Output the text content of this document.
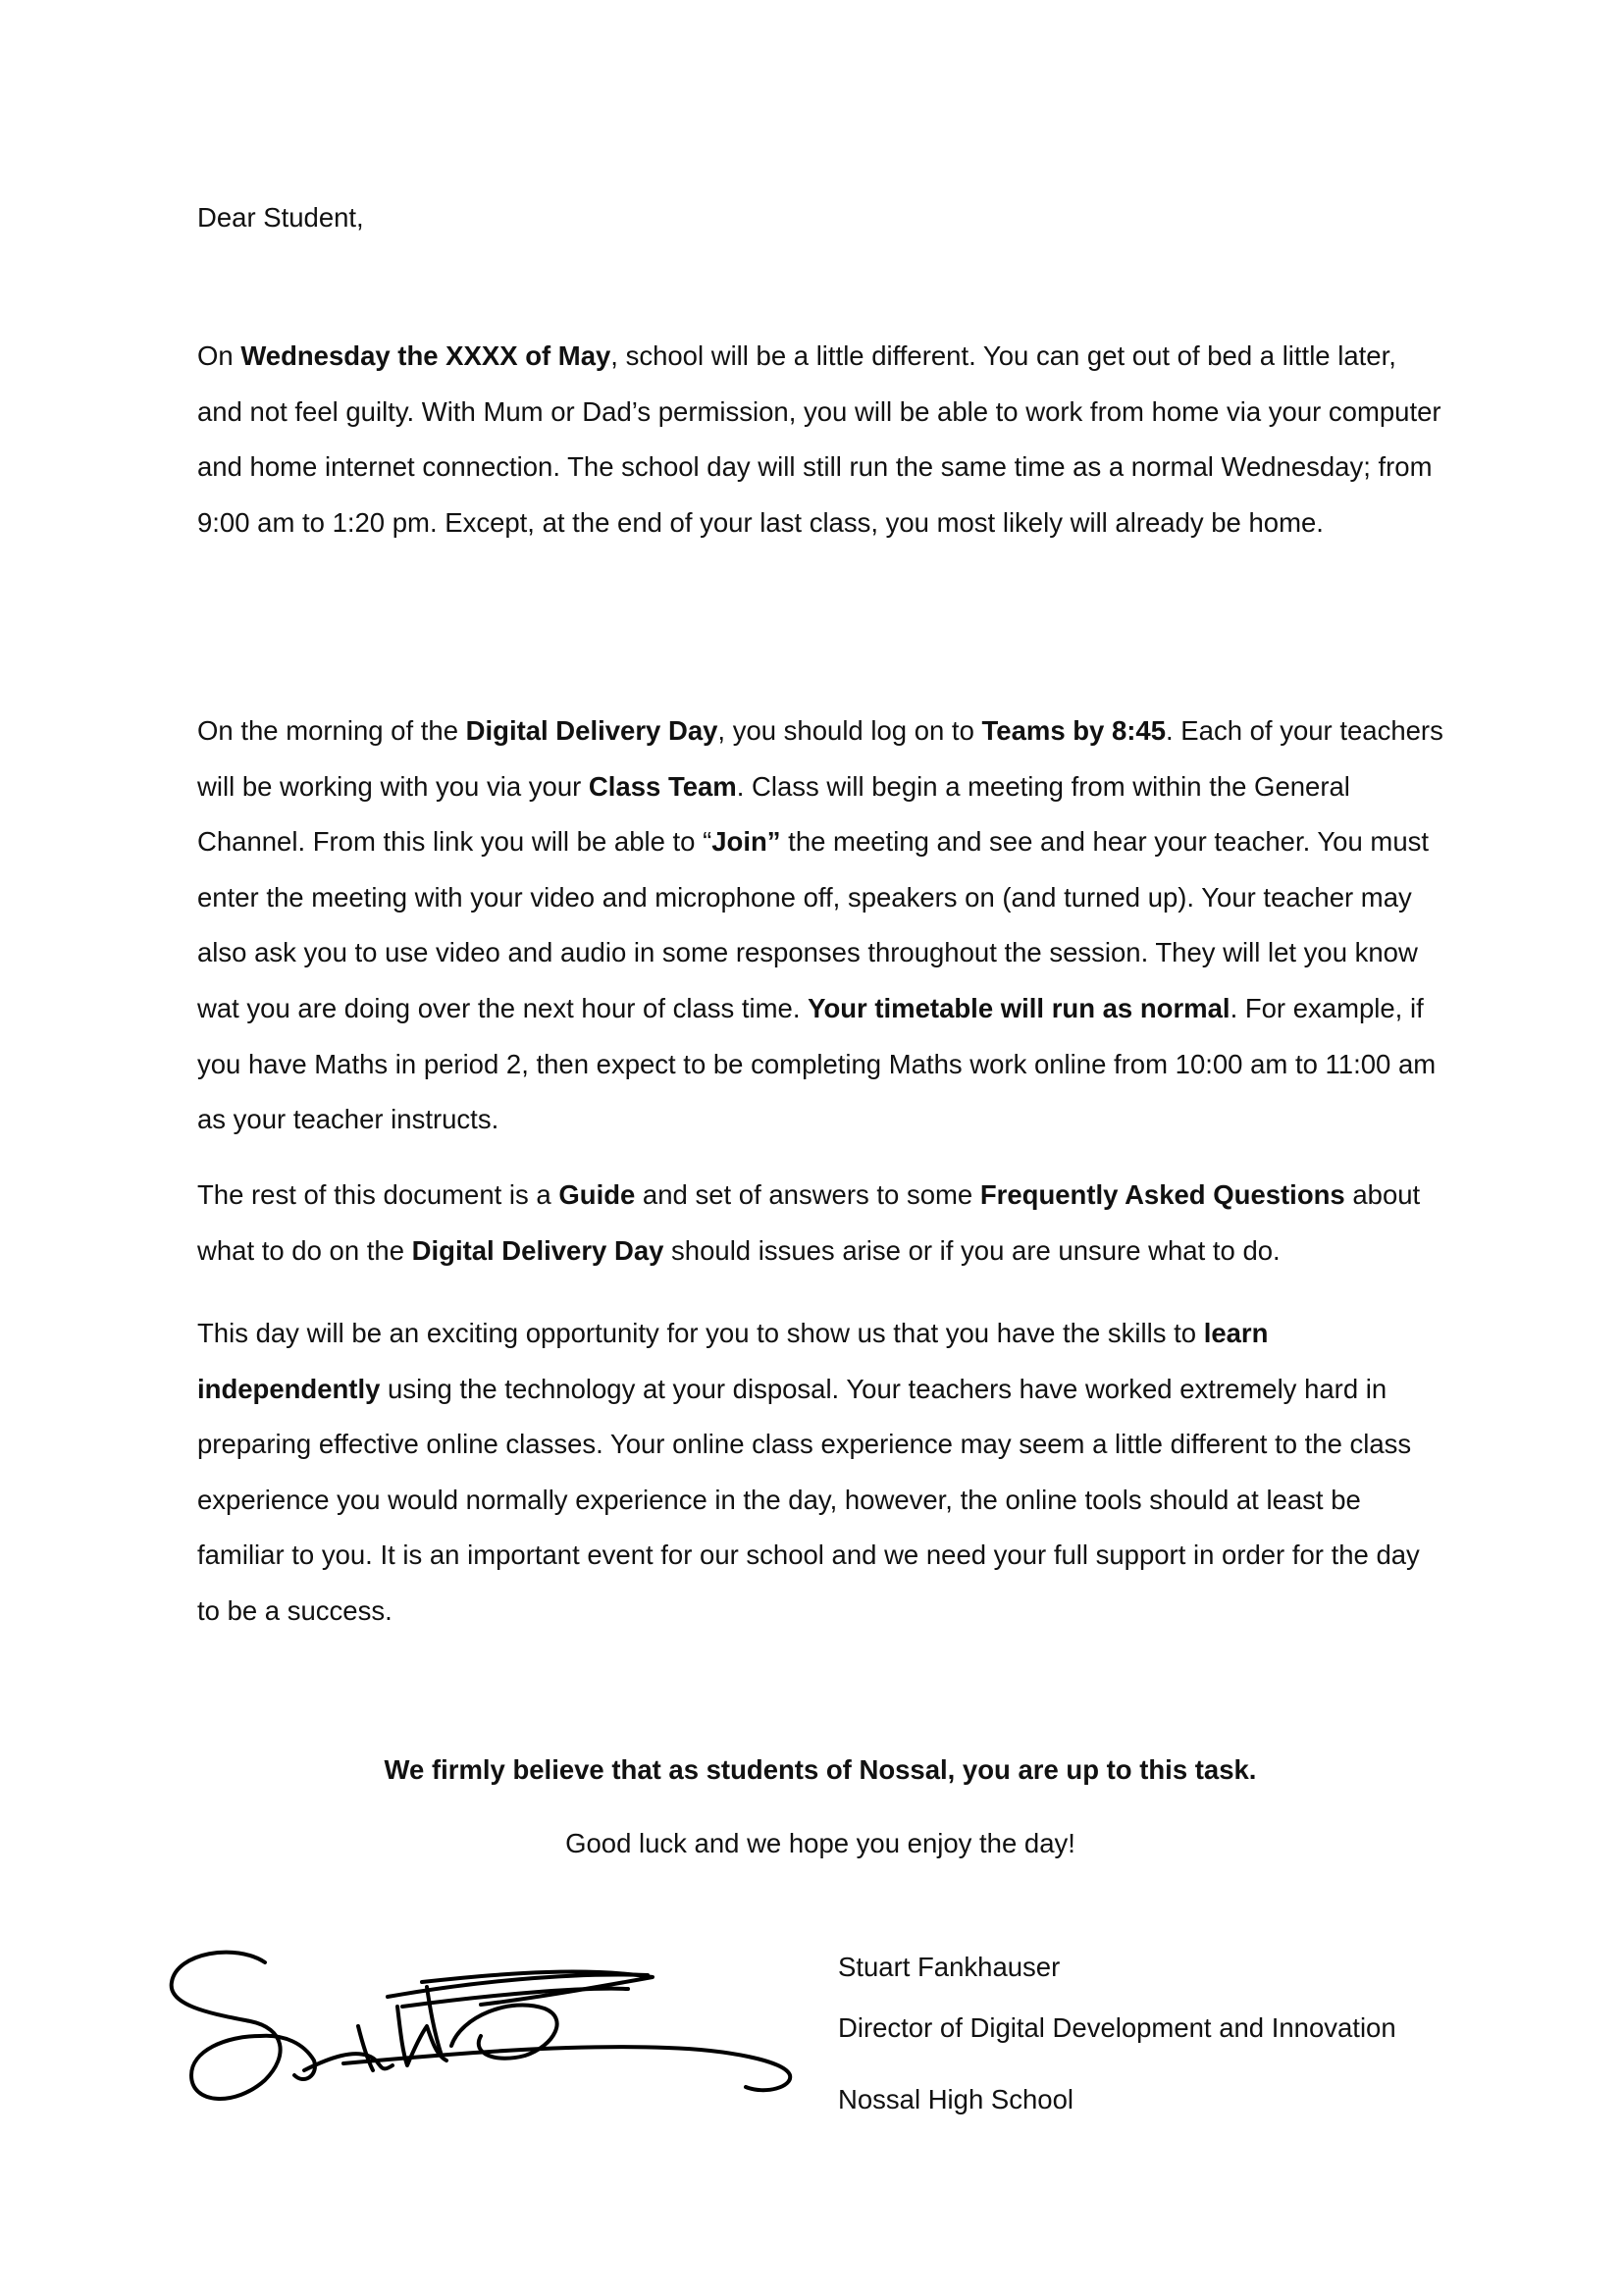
Dear Student,

On Wednesday the XXXX of May, school will be a little different. You can get out of bed a little later, and not feel guilty. With Mum or Dad’s permission, you will be able to work from home via your computer and home internet connection. The school day will still run the same time as a normal Wednesday; from 9:00 am to 1:20 pm. Except, at the end of your last class, you most likely will already be home.

On the morning of the Digital Delivery Day, you should log on to Teams by 8:45. Each of your teachers will be working with you via your Class Team. Class will begin a meeting from within the General Channel. From this link you will be able to “Join” the meeting and see and hear your teacher. You must enter the meeting with your video and microphone off, speakers on (and turned up). Your teacher may also ask you to use video and audio in some responses throughout the session. They will let you know wat you are doing over the next hour of class time. Your timetable will run as normal. For example, if you have Maths in period 2, then expect to be completing Maths work online from 10:00 am to 11:00 am as your teacher instructs.

The rest of this document is a Guide and set of answers to some Frequently Asked Questions about what to do on the Digital Delivery Day should issues arise or if you are unsure what to do.

This day will be an exciting opportunity for you to show us that you have the skills to learn independently using the technology at your disposal. Your teachers have worked extremely hard in preparing effective online classes. Your online class experience may seem a little different to the class experience you would normally experience in the day, however, the online tools should at least be familiar to you. It is an important event for our school and we need your full support in order for the day to be a success.

We firmly believe that as students of Nossal, you are up to this task.
Good luck and we hope you enjoy the day!
Stuart Fankhauser
Director of Digital Development and Innovation
Nossal High School
